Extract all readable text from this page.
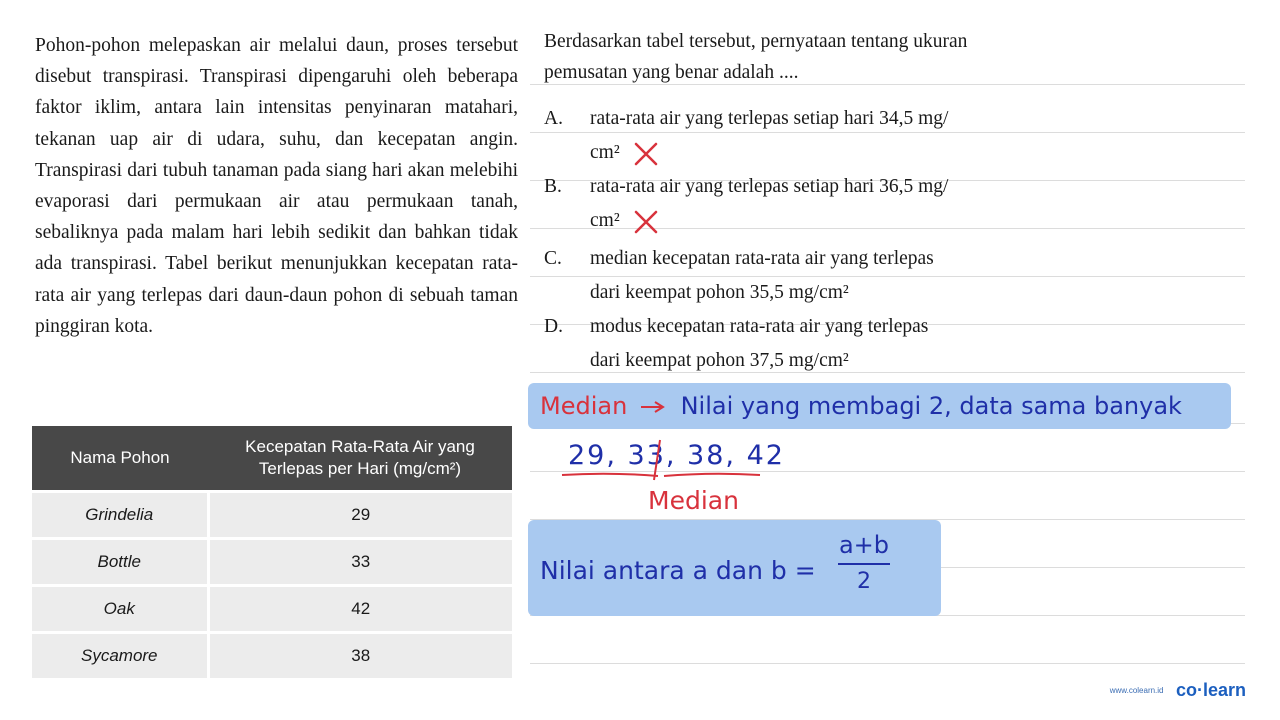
Pohon-pohon melepaskan air melalui daun, proses tersebut disebut transpirasi. Transpirasi dipengaruhi oleh beberapa faktor iklim, antara lain intensitas penyinaran matahari, tekanan uap air di udara, suhu, dan kecepatan angin. Transpirasi dari tubuh tanaman pada siang hari akan melebihi evaporasi dari permukaan air atau permukaan tanah, sebaliknya pada malam hari lebih sedikit dan bahkan tidak ada transpirasi. Tabel berikut menunjukkan kecepatan rata-rata air yang terlepas dari daun-daun pohon di sebuah taman pinggiran kota.

Nama Pohon	Kecepatan Rata-Rata Air yang Terlepas per Hari (mg/cm²)
Grindelia	29
Bottle	33
Oak	42
Sycamore	38

Berdasarkan tabel tersebut, pernyataan tentang ukuran pemusatan yang benar adalah ....

A. rata-rata air yang terlepas setiap hari 34,5 mg/
cm²
B. rata-rata air yang terlepas setiap hari 36,5 mg/
cm²
C. median kecepatan rata-rata air yang terlepas
dari keempat pohon 35,5 mg/cm²
D. modus kecepatan rata-rata air yang terlepas
dari keempat pohon 37,5 mg/cm²
Median Nilai yang membagi 2, data sama banyak
29, 33, 38, 42
Median
Nilai antara a dan b =
a+b
2
www.colearn.id co·learn
